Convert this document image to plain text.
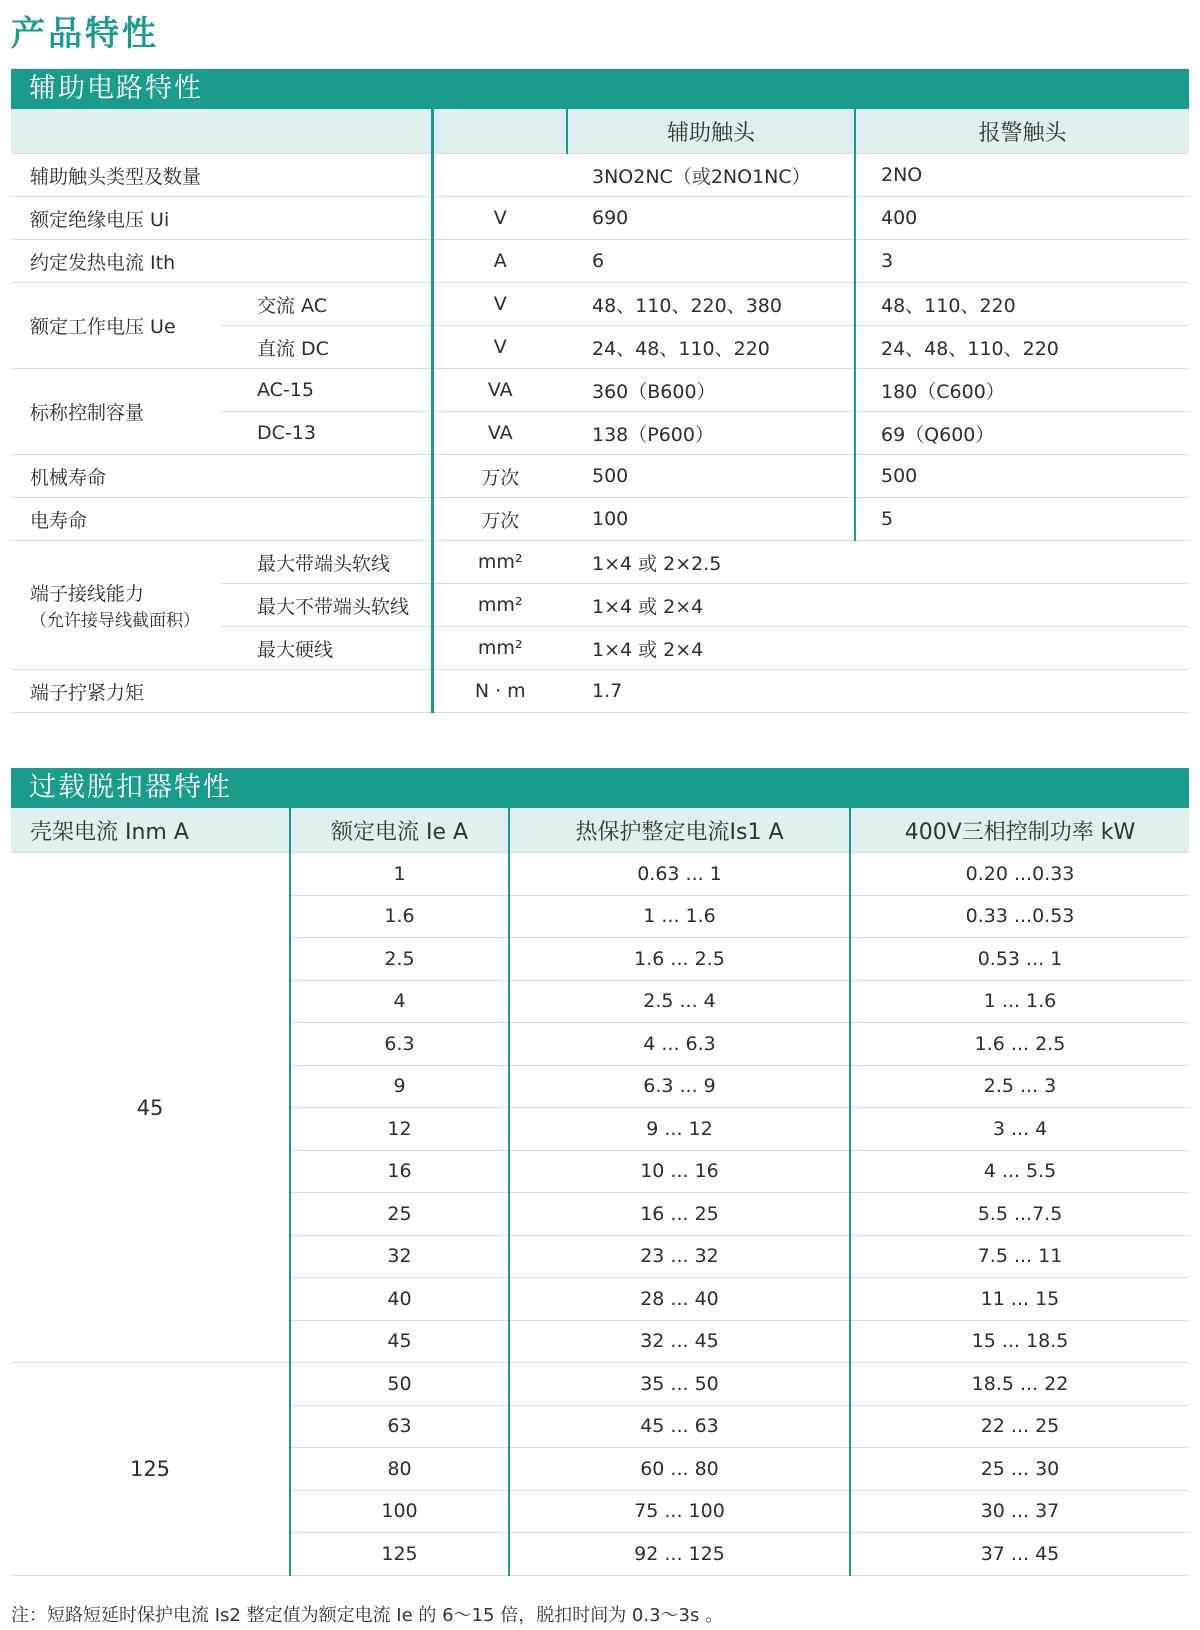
产品特性
辅助电路特性
			辅助触头	报警触头
辅助触头类型及数量			3NO2NC（或2NO1NC）	2NO
额定绝缘电压 Ui		V	690	400
约定发热电流 Ith		A	6	3
额定工作电压 Ue	交流 AC	V	48、110、220、380	48、110、220
	直流 DC	V	24、48、110、220	24、48、110、220
标称控制容量	AC-15	VA	360（B600）	180（C600）
	DC-13	VA	138（P600）	69（Q600）
机械寿命		万次	500	500
电寿命		万次	100	5

端子接线能力
（允许接导线截面积）	最大带端头软线	mm²	1×4 或 2×2.5	
	最大不带端头软线	mm²	1×4 或 2×4	
	最大硬线	mm²	1×4 或 2×4	
端子拧紧力矩		N · m	1.7	
过载脱扣器特性
壳架电流 Inm A	额定电流 Ie A	热保护整定电流Is1 A	400V三相控制功率 kW
45	1	0.63 ... 1	0.20 ...0.33
	1.6	1 ... 1.6	0.33 ...0.53
	2.5	1.6 ... 2.5	0.53 ... 1
	4	2.5 ... 4	1 ... 1.6
	6.3	4 ... 6.3	1.6 ... 2.5
	9	6.3 ... 9	2.5 ... 3
	12	9 ... 12	3 ... 4
	16	10 ... 16	4 ... 5.5
	25	16 ... 25	5.5 ...7.5
	32	23 ... 32	7.5 ... 11
	40	28 ... 40	11 ... 15
	45	32 ... 45	15 ... 18.5
125	50	35 ... 50	18.5 ... 22
	63	45 ... 63	22 ... 25
	80	60 ... 80	25 ... 30
	100	75 ... 100	30 ... 37
	125	92 ... 125	37 ... 45
注：短路短延时保护电流 Is2 整定值为额定电流 Ie 的 6～15 倍，脱扣时间为 0.3～3s 。
